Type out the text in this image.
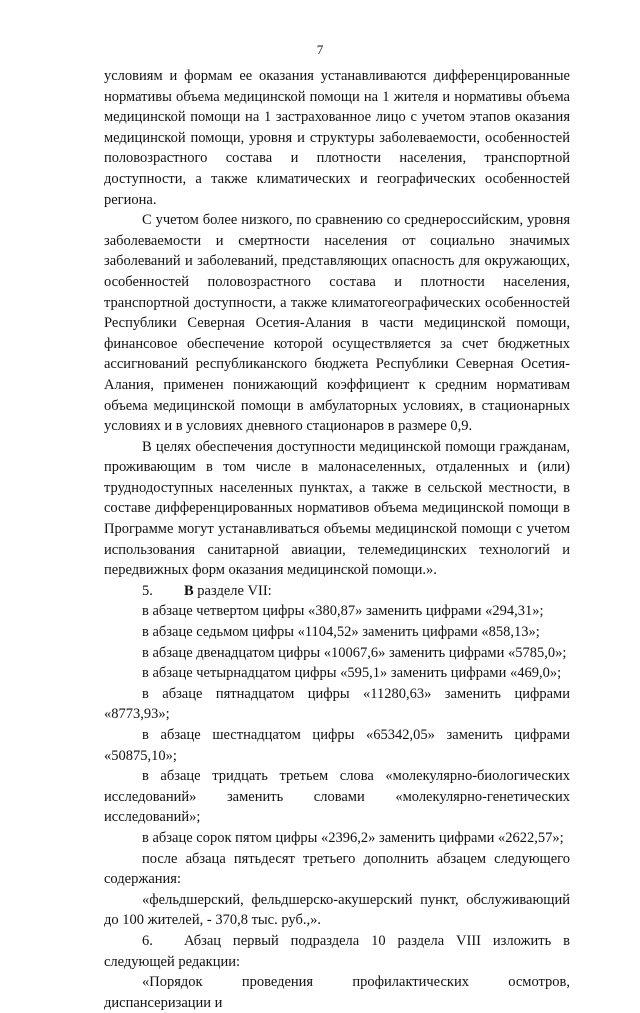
7

условиям и формам ее оказания устанавливаются дифференцированные нормативы объема медицинской помощи на 1 жителя и нормативы объема медицинской помощи на 1 застрахованное лицо с учетом этапов оказания медицинской помощи, уровня и структуры заболеваемости, особенностей половозрастного состава и плотности населения, транспортной доступности, а также климатических и географических особенностей региона.

С учетом более низкого, по сравнению со среднероссийским, уровня заболеваемости и смертности населения от социально значимых заболеваний и заболеваний, представляющих опасность для окружающих, особенностей половозрастного состава и плотности населения, транспортной доступности, а также климатогеографических особенностей Республики Северная Осетия-Алания в части медицинской помощи, финансовое обеспечение которой осуществляется за счет бюджетных ассигнований республиканского бюджета Республики Северная Осетия-Алания, применен понижающий коэффициент к средним нормативам объема медицинской помощи в амбулаторных условиях, в стационарных условиях и в условиях дневного стационаров в размере 0,9.

В целях обеспечения доступности медицинской помощи гражданам, проживающим в том числе в малонаселенных, отдаленных и (или) труднодоступных населенных пунктах, а также в сельской местности, в составе дифференцированных нормативов объема медицинской помощи в Программе могут устанавливаться объемы медицинской помощи с учетом использования санитарной авиации, телемедицинских технологий и передвижных форм оказания медицинской помощи.».

5. В разделе VII:

в абзаце четвертом цифры «380,87» заменить цифрами «294,31»;

в абзаце седьмом цифры «1104,52» заменить цифрами «858,13»;

в абзаце двенадцатом цифры «10067,6» заменить цифрами «5785,0»;

в абзаце четырнадцатом цифры «595,1» заменить цифрами «469,0»;

в абзаце пятнадцатом цифры «11280,63» заменить цифрами «8773,93»;

в абзаце шестнадцатом цифры «65342,05» заменить цифрами «50875,10»;

в абзаце тридцать третьем слова «молекулярно-биологических исследований» заменить словами «молекулярно-генетических исследований»;

в абзаце сорок пятом цифры «2396,2» заменить цифрами «2622,57»;

после абзаца пятьдесят третьего дополнить абзацем следующего содержания:

«фельдшерский, фельдшерско-акушерский пункт, обслуживающий до 100 жителей, - 370,8 тыс. руб.,».

6. Абзац первый подраздела 10 раздела VIII изложить в следующей редакции:

«Порядок проведения профилактических осмотров, диспансеризации и
